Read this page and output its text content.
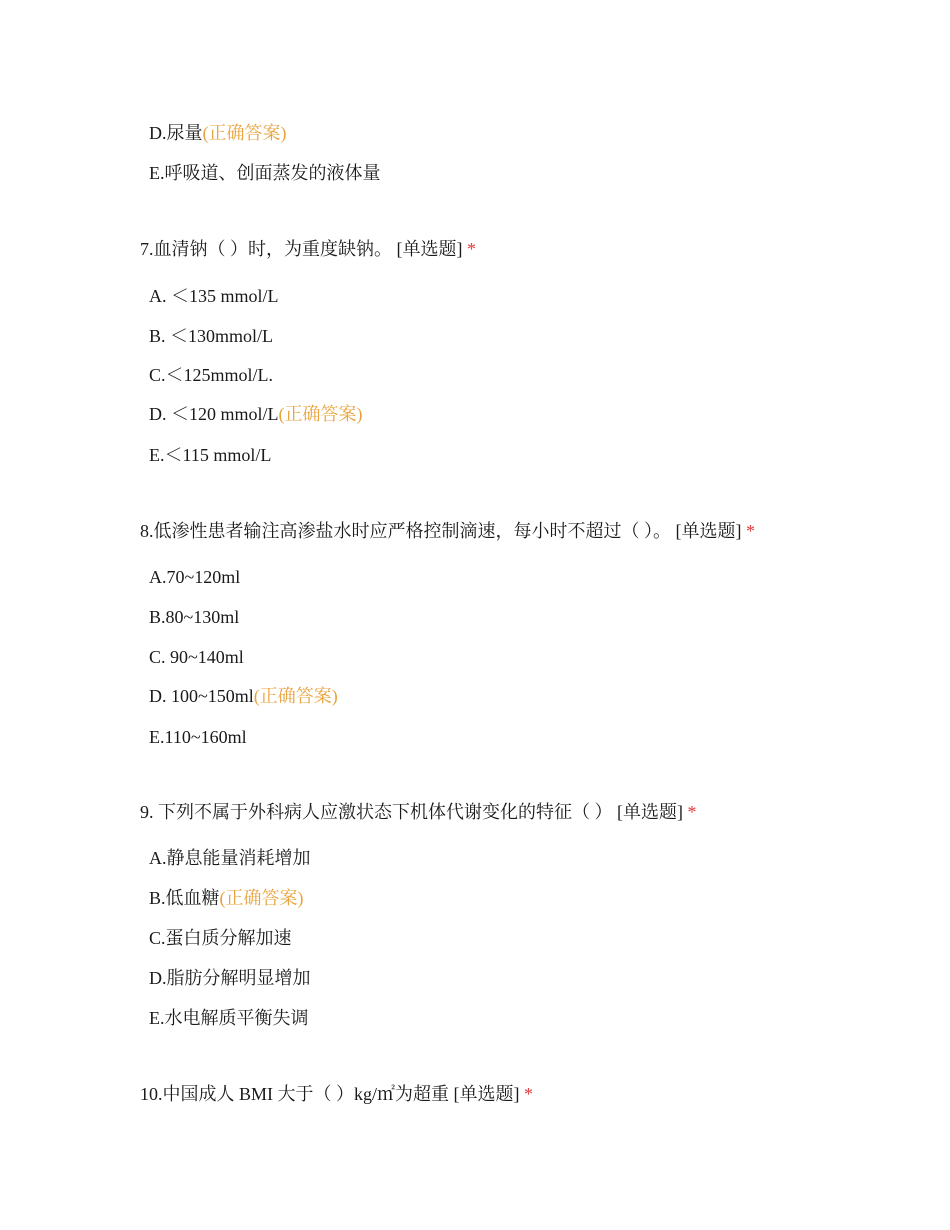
D.尿量(正确答案)
E.呼吸道、创面蒸发的液体量
7.血清钠（ ）时，为重度缺钠。 [单选题] *
A. ＜135 mmol/L
B. ＜130mmol/L
C.＜125mmol/L.
D. ＜120 mmol/L(正确答案)
E.＜115 mmol/L
8.低渗性患者输注高渗盐水时应严格控制滴速，每小时不超过（ ）。 [单选题] *
A.70~120ml
B.80~130ml
C. 90~140ml
D. 100~150ml(正确答案)
E.110~160ml
9. 下列不属于外科病人应激状态下机体代谢变化的特征（ ） [单选题] *
A.静息能量消耗增加
B.低血糖(正确答案)
C.蛋白质分解加速
D.脂肪分解明显增加
E.水电解质平衡失调
10.中国成人 BMI 大于（ ）kg/㎡为超重 [单选题] *
